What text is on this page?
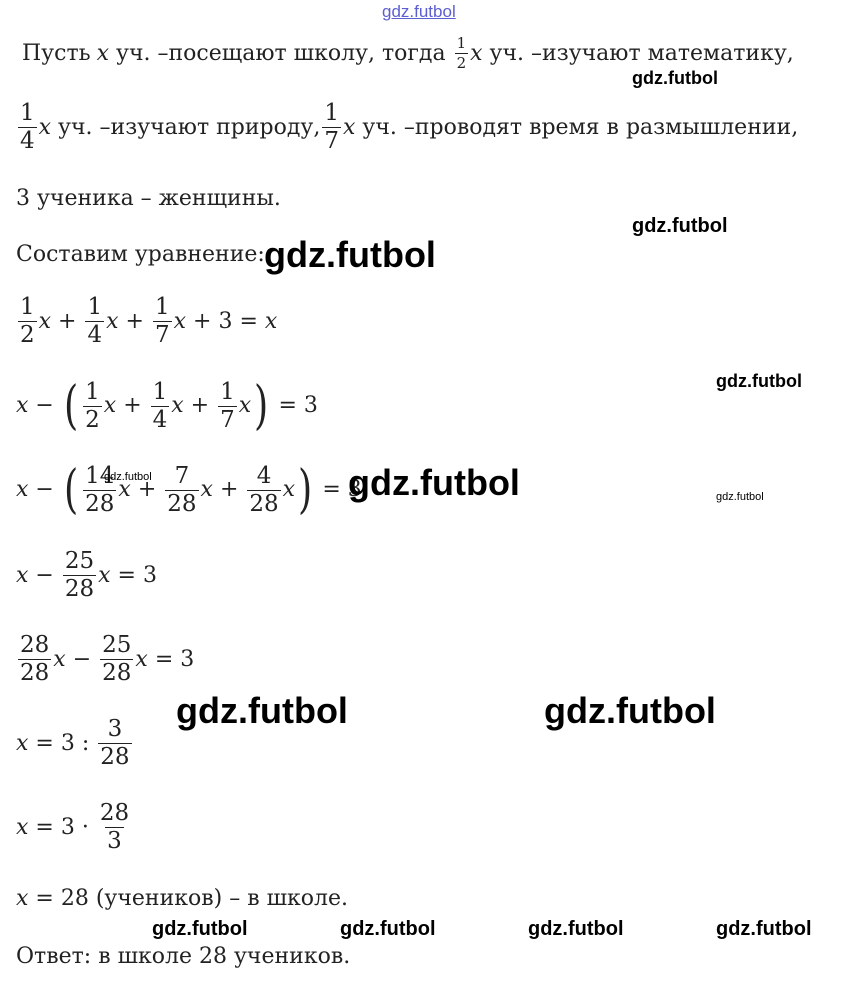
gdz.futbol
Пусть x уч. –посещают школу, тогда $\frac{1}{2}$ x уч. –изучают математику,
gdz.futbol
$\frac{1}{4}$ x уч. –изучают природу, $\frac{1}{7}$ x уч. –проводят время в размышлении,
3 ученика – женщины.
gdz.futbol
Составим уравнение: gdz.futbol
$\frac{1}{2}$ $x + \frac{1}{4}$ $x + \frac{1}{7}$ x + 3 = x
gdz.futbol
x − ( $\frac{1}{2}$ $x + \frac{1}{4}$ $x + \frac{1}{7}$ x ) = 3
x − ( $\frac{14}{28}$ $x + \frac{7}{28}$ $x + \frac{4}{28}$ x ) = 3
gdz.futbol	gdz.futbol	gdz.futbol
$x - \frac{25}{28}$ x = 3
$\frac{28}{28}$ $x - \frac{25}{28}$ x = 3
gdz.futbol	gdz.futbol
x = 3 : $\frac{3}{28}$
$x = 3 \cdot \frac{28}{3}$
x = 28 (учеников) – в школе.
gdz.futbol	gdz.futbol	gdz.futbol	gdz.futbol
Ответ: в школе 28 учеников.
